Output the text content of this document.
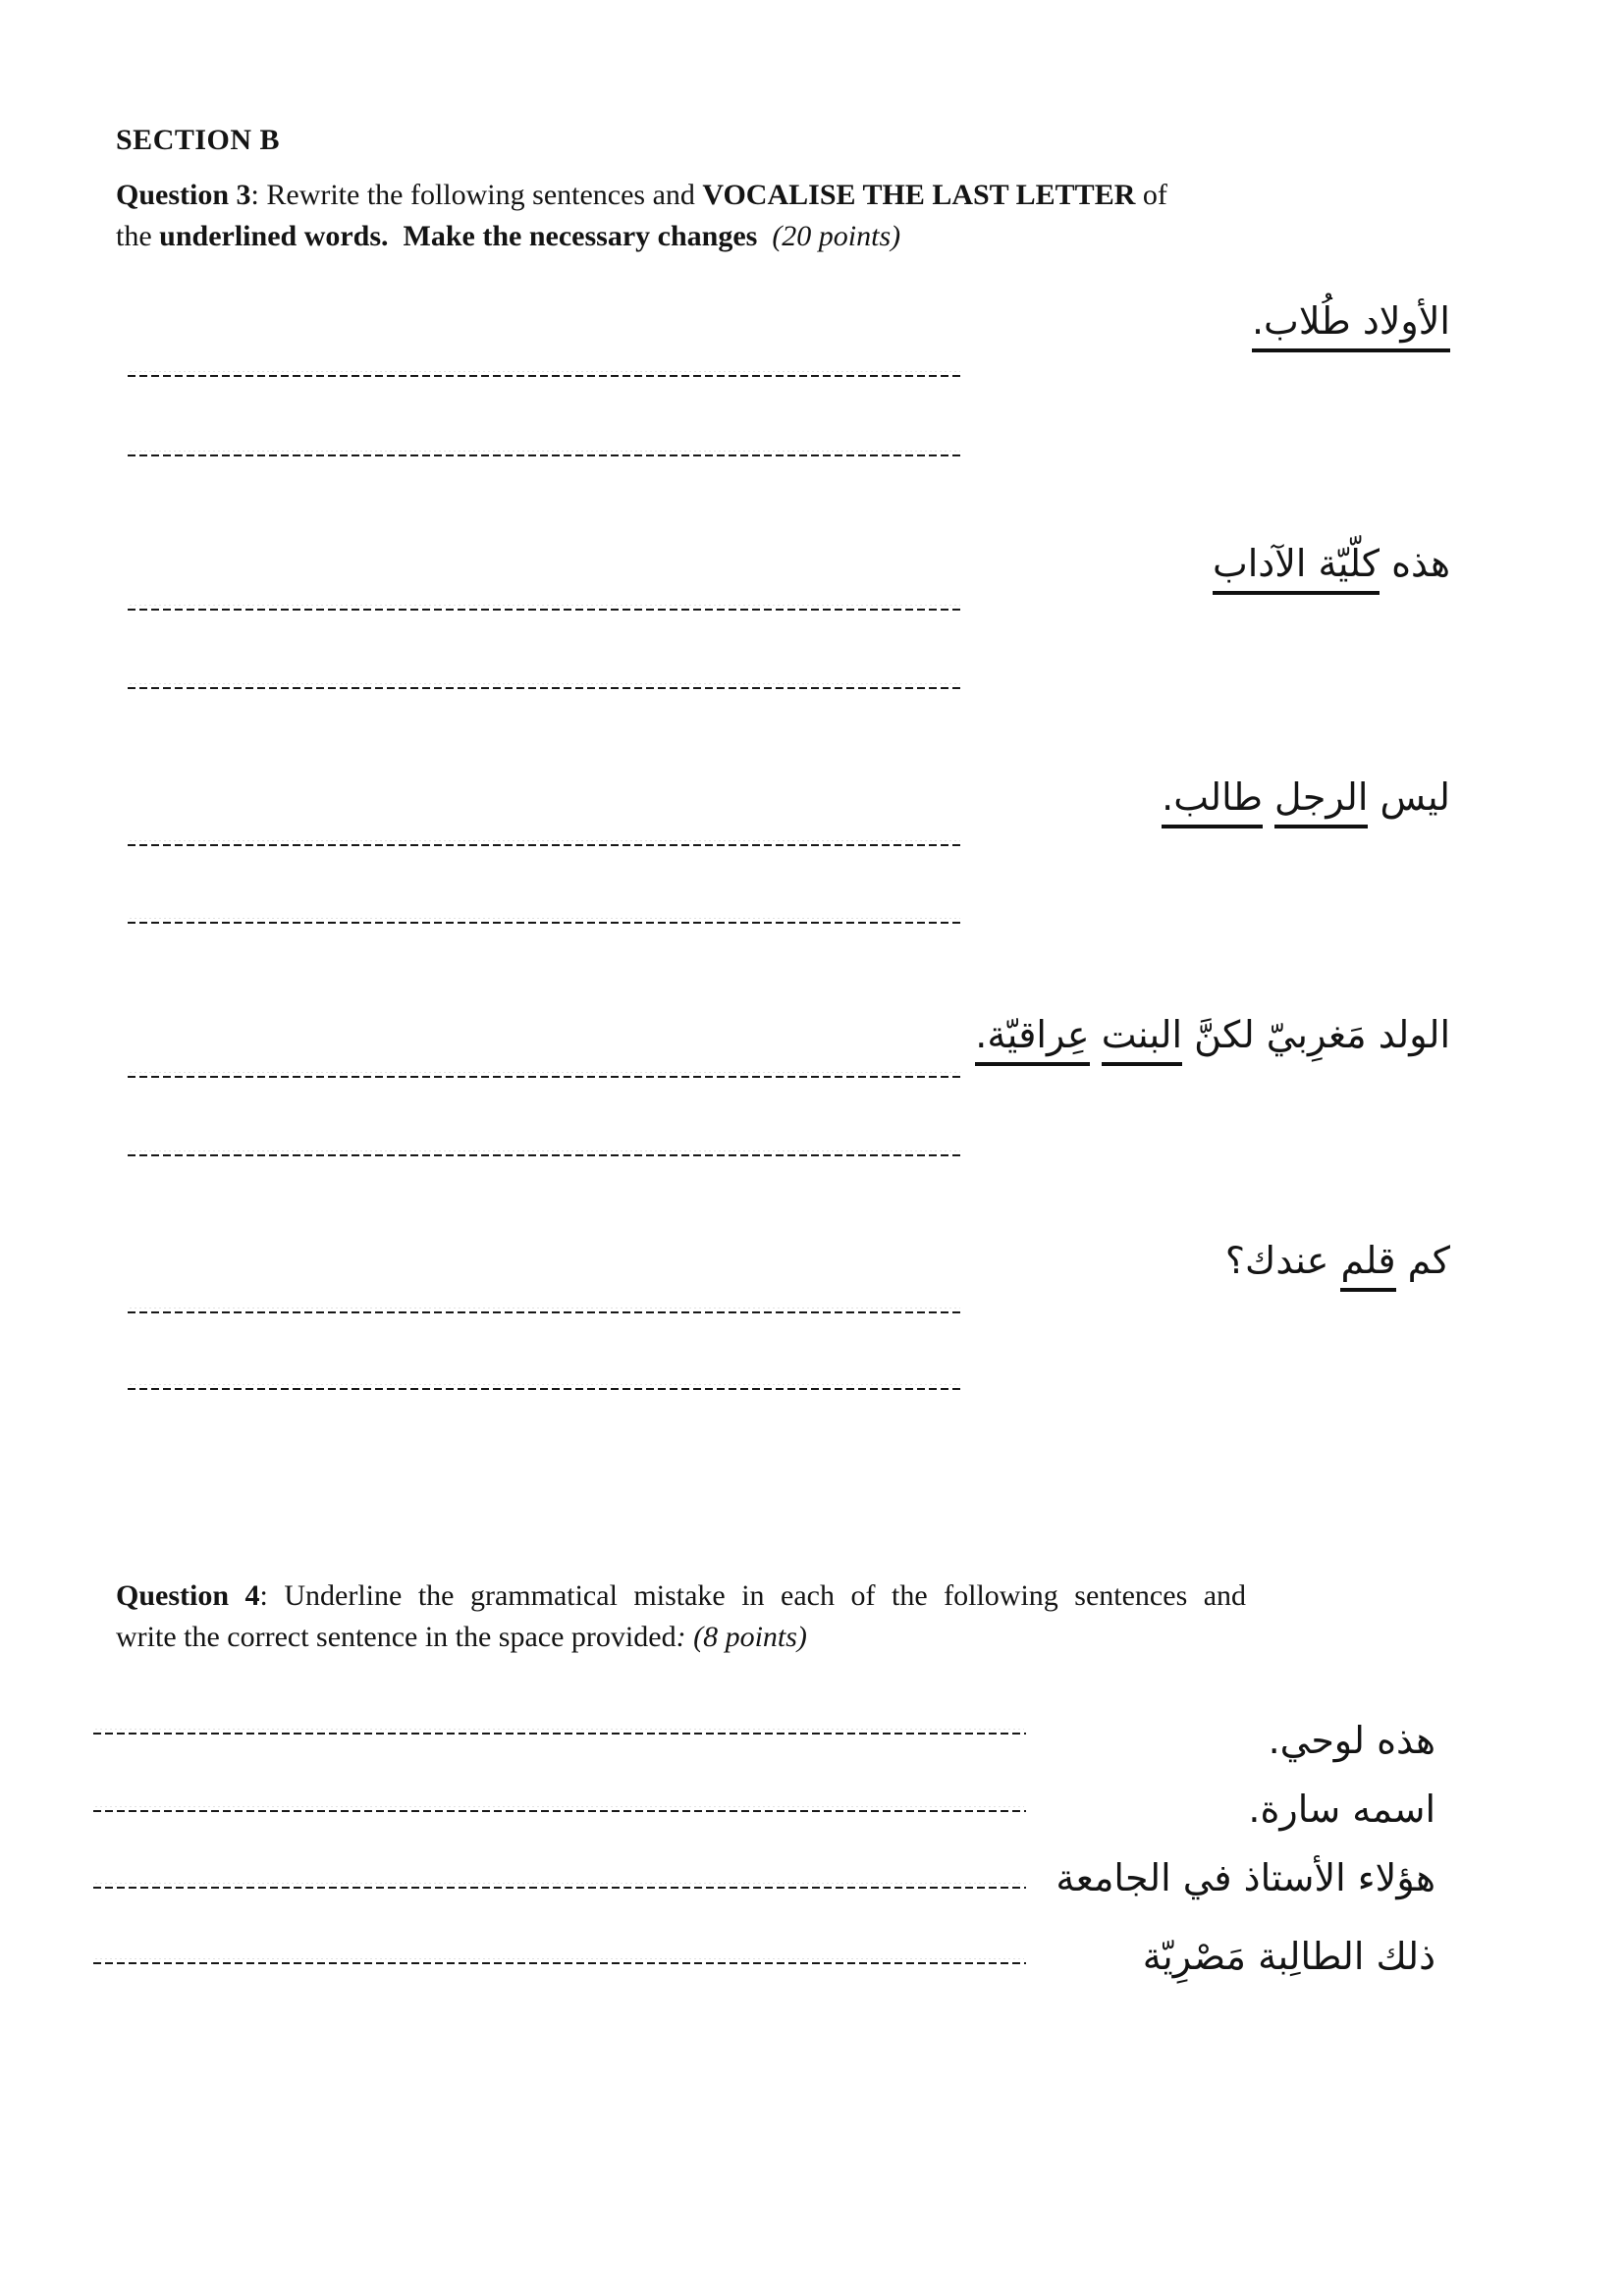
SECTION B
Question 3: Rewrite the following sentences and VOCALISE THE LAST LETTER of
the underlined words.  Make the necessary changes (20 points)
الأولاد طُلاب.
هذه كلّيّة الآداب
ليس الرجل طالب.
الولد مَغرِبيّ لكنَّ البنت عِراقيّة.
كم قلم عندك؟
Question 4: Underline the grammatical mistake in each of the following sentences and
write the correct sentence in the space provided: (8 points)
هذه لوحي.
اسمه سارة.
هؤلاء الأستاذ في الجامعة
ذلك الطالِبة مَصْرِيّة
